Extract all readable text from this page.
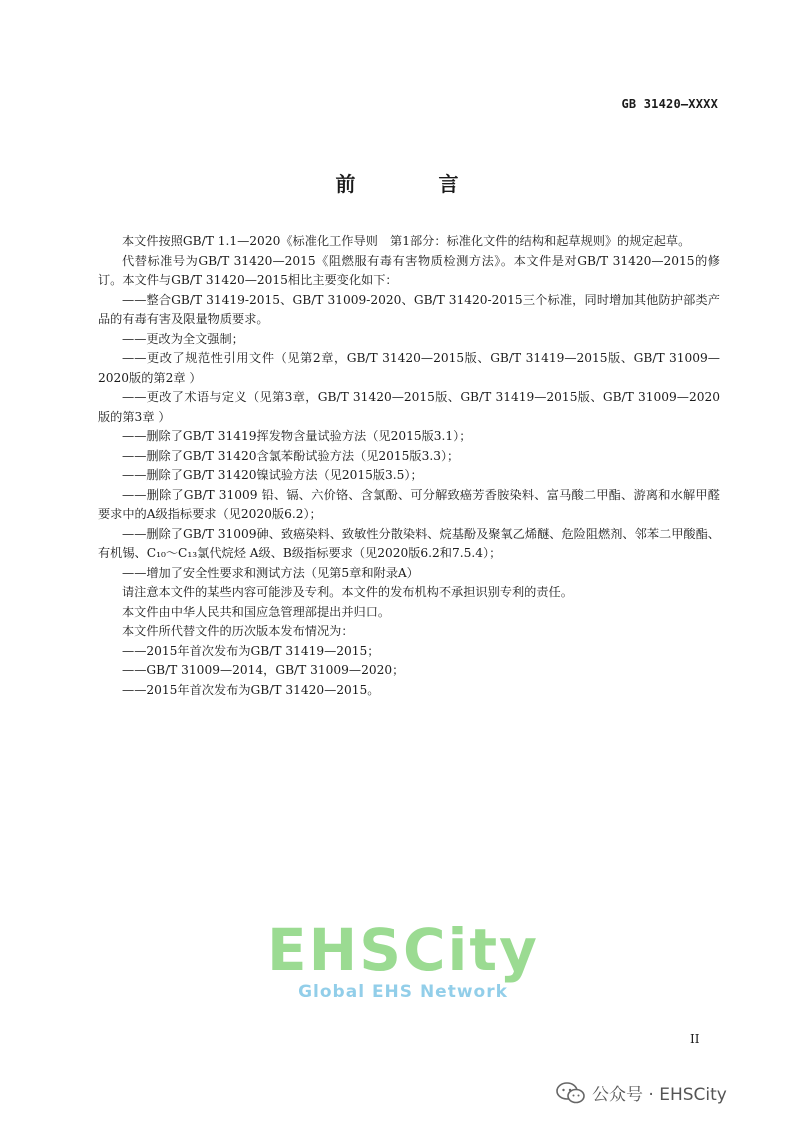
GB 31420—XXXX
前 言

本文件按照GB/T 1.1—2020《标准化工作导则　第1部分：标准化文件的结构和起草规则》的规定起草。

代替标准号为GB/T 31420—2015《阻燃服有毒有害物质检测方法》。本文件是对GB/T 31420—2015的修订。本文件与GB/T 31420—2015相比主要变化如下：

——整合GB/T 31419-2015、GB/T 31009-2020、GB/T 31420-2015三个标准，同时增加其他防护部类产品的有毒有害及限量物质要求。

——更改为全文强制；

——更改了规范性引用文件（见第2章，GB/T 31420—2015版、GB/T 31419—2015版、GB/T 31009—2020版的第2章 ）

——更改了术语与定义（见第3章，GB/T 31420—2015版、GB/T 31419—2015版、GB/T 31009—2020版的第3章 ）

——删除了GB/T 31419挥发物含量试验方法（见2015版3.1）；

——删除了GB/T 31420含氯苯酚试验方法（见2015版3.3）；

——删除了GB/T 31420镍试验方法（见2015版3.5）；

——删除了GB/T 31009 铅、镉、六价铬、含氯酚、可分解致癌芳香胺染料、富马酸二甲酯、游离和水解甲醛要求中的A级指标要求（见2020版6.2）；

——删除了GB/T 31009砷、致癌染料、致敏性分散染料、烷基酚及聚氧乙烯醚、危险阻燃剂、邻苯二甲酸酯、有机锡、C₁₀～C₁₃氯代烷烃 A级、B级指标要求（见2020版6.2和7.5.4）；

——增加了安全性要求和测试方法（见第5章和附录A）

请注意本文件的某些内容可能涉及专利。本文件的发布机构不承担识别专利的责任。

本文件由中华人民共和国应急管理部提出并归口。

本文件所代替文件的历次版本发布情况为：

——2015年首次发布为GB/T 31419—2015；

——GB/T 31009—2014，GB/T 31009—2020；

——2015年首次发布为GB/T 31420—2015。

EHSCity
Global EHS Network
II
公众号 · EHSCity
